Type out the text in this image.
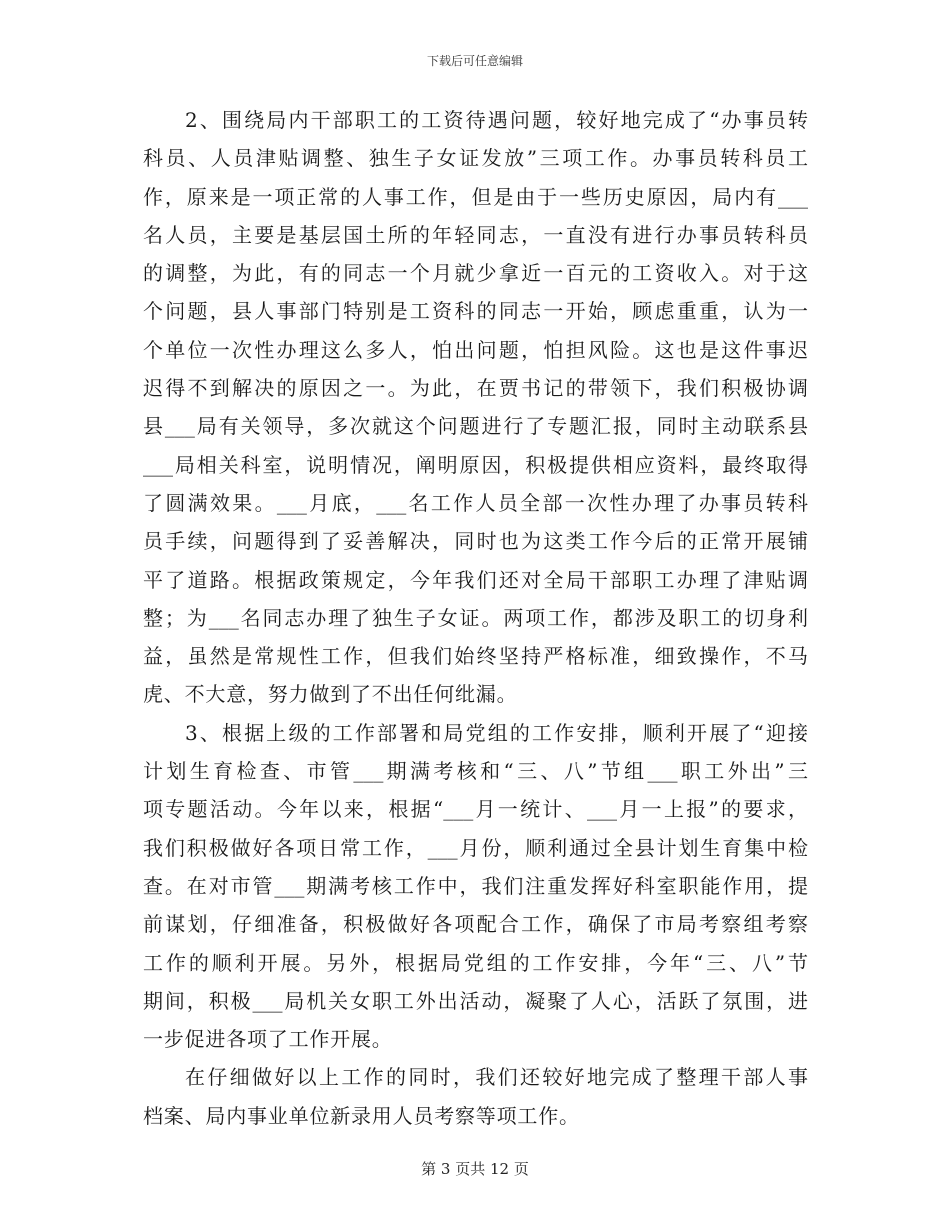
下载后可任意编辑
2、围绕局内干部职工的工资待遇问题，较好地完成了“办事员转
科员、人员津贴调整、独生子女证发放”三项工作。办事员转科员工
作，原来是一项正常的人事工作，但是由于一些历史原因，局内有___
名人员，主要是基层国土所的年轻同志，一直没有进行办事员转科员
的调整，为此，有的同志一个月就少拿近一百元的工资收入。对于这
个问题，县人事部门特别是工资科的同志一开始，顾虑重重，认为一
个单位一次性办理这么多人，怕出问题，怕担风险。这也是这件事迟
迟得不到解决的原因之一。为此，在贾书记的带领下，我们积极协调
县___局有关领导，多次就这个问题进行了专题汇报，同时主动联系县
___局相关科室，说明情况，阐明原因，积极提供相应资料，最终取得
了圆满效果。___月底，___名工作人员全部一次性办理了办事员转科
员手续，问题得到了妥善解决，同时也为这类工作今后的正常开展铺
平了道路。根据政策规定，今年我们还对全局干部职工办理了津贴调
整；为___名同志办理了独生子女证。两项工作，都涉及职工的切身利
益，虽然是常规性工作，但我们始终坚持严格标准，细致操作，不马
虎、不大意，努力做到了不出任何纰漏。
3、根据上级的工作部署和局党组的工作安排，顺利开展了“迎接
计划生育检查、市管___期满考核和“三、八”节组___职工外出”三
项专题活动。今年以来，根据“___月一统计、___月一上报”的要求，
我们积极做好各项日常工作，___月份，顺利通过全县计划生育集中检
查。在对市管___期满考核工作中，我们注重发挥好科室职能作用，提
前谋划，仔细准备，积极做好各项配合工作，确保了市局考察组考察
工作的顺利开展。另外，根据局党组的工作安排，今年“三、八”节
期间，积极___局机关女职工外出活动，凝聚了人心，活跃了氛围，进
一步促进各项了工作开展。
在仔细做好以上工作的同时，我们还较好地完成了整理干部人事
档案、局内事业单位新录用人员考察等项工作。
第 3 页共 12 页
